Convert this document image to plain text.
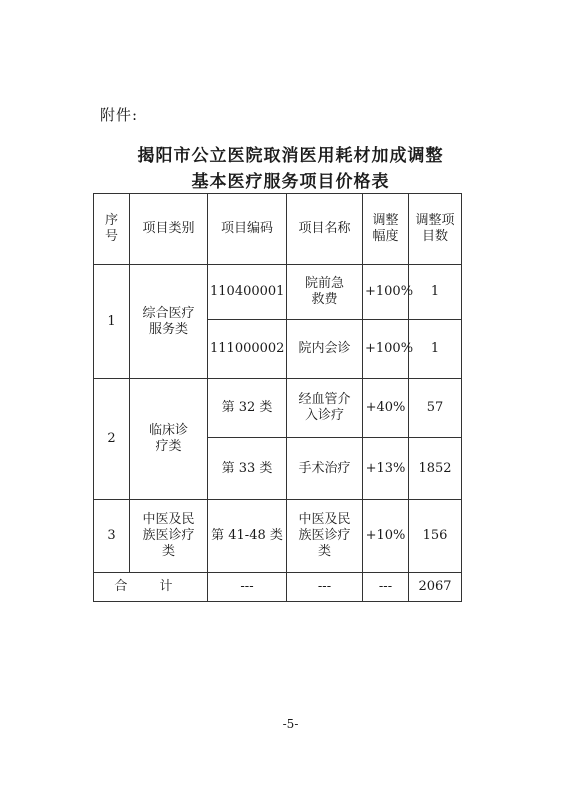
附件:
揭阳市公立医院取消医用耗材加成调整
基本医疗服务项目价格表
序号	项目类别	项目编码	项目名称	调整幅度	调整项目数

1	综合医疗服务类	110400001	院前急救费	+100%	1
		111000002	院内会诊	+100%	1
2	临床诊疗类	第 32 类	经血管介入诊疗	+40%	57
		第 33 类	手术治疗	+13%	1852
3	中医及民族医诊疗类	第 41-48 类	中医及民族医诊疗类	+10%	156
合 计		---	---	---	2067
-5-
